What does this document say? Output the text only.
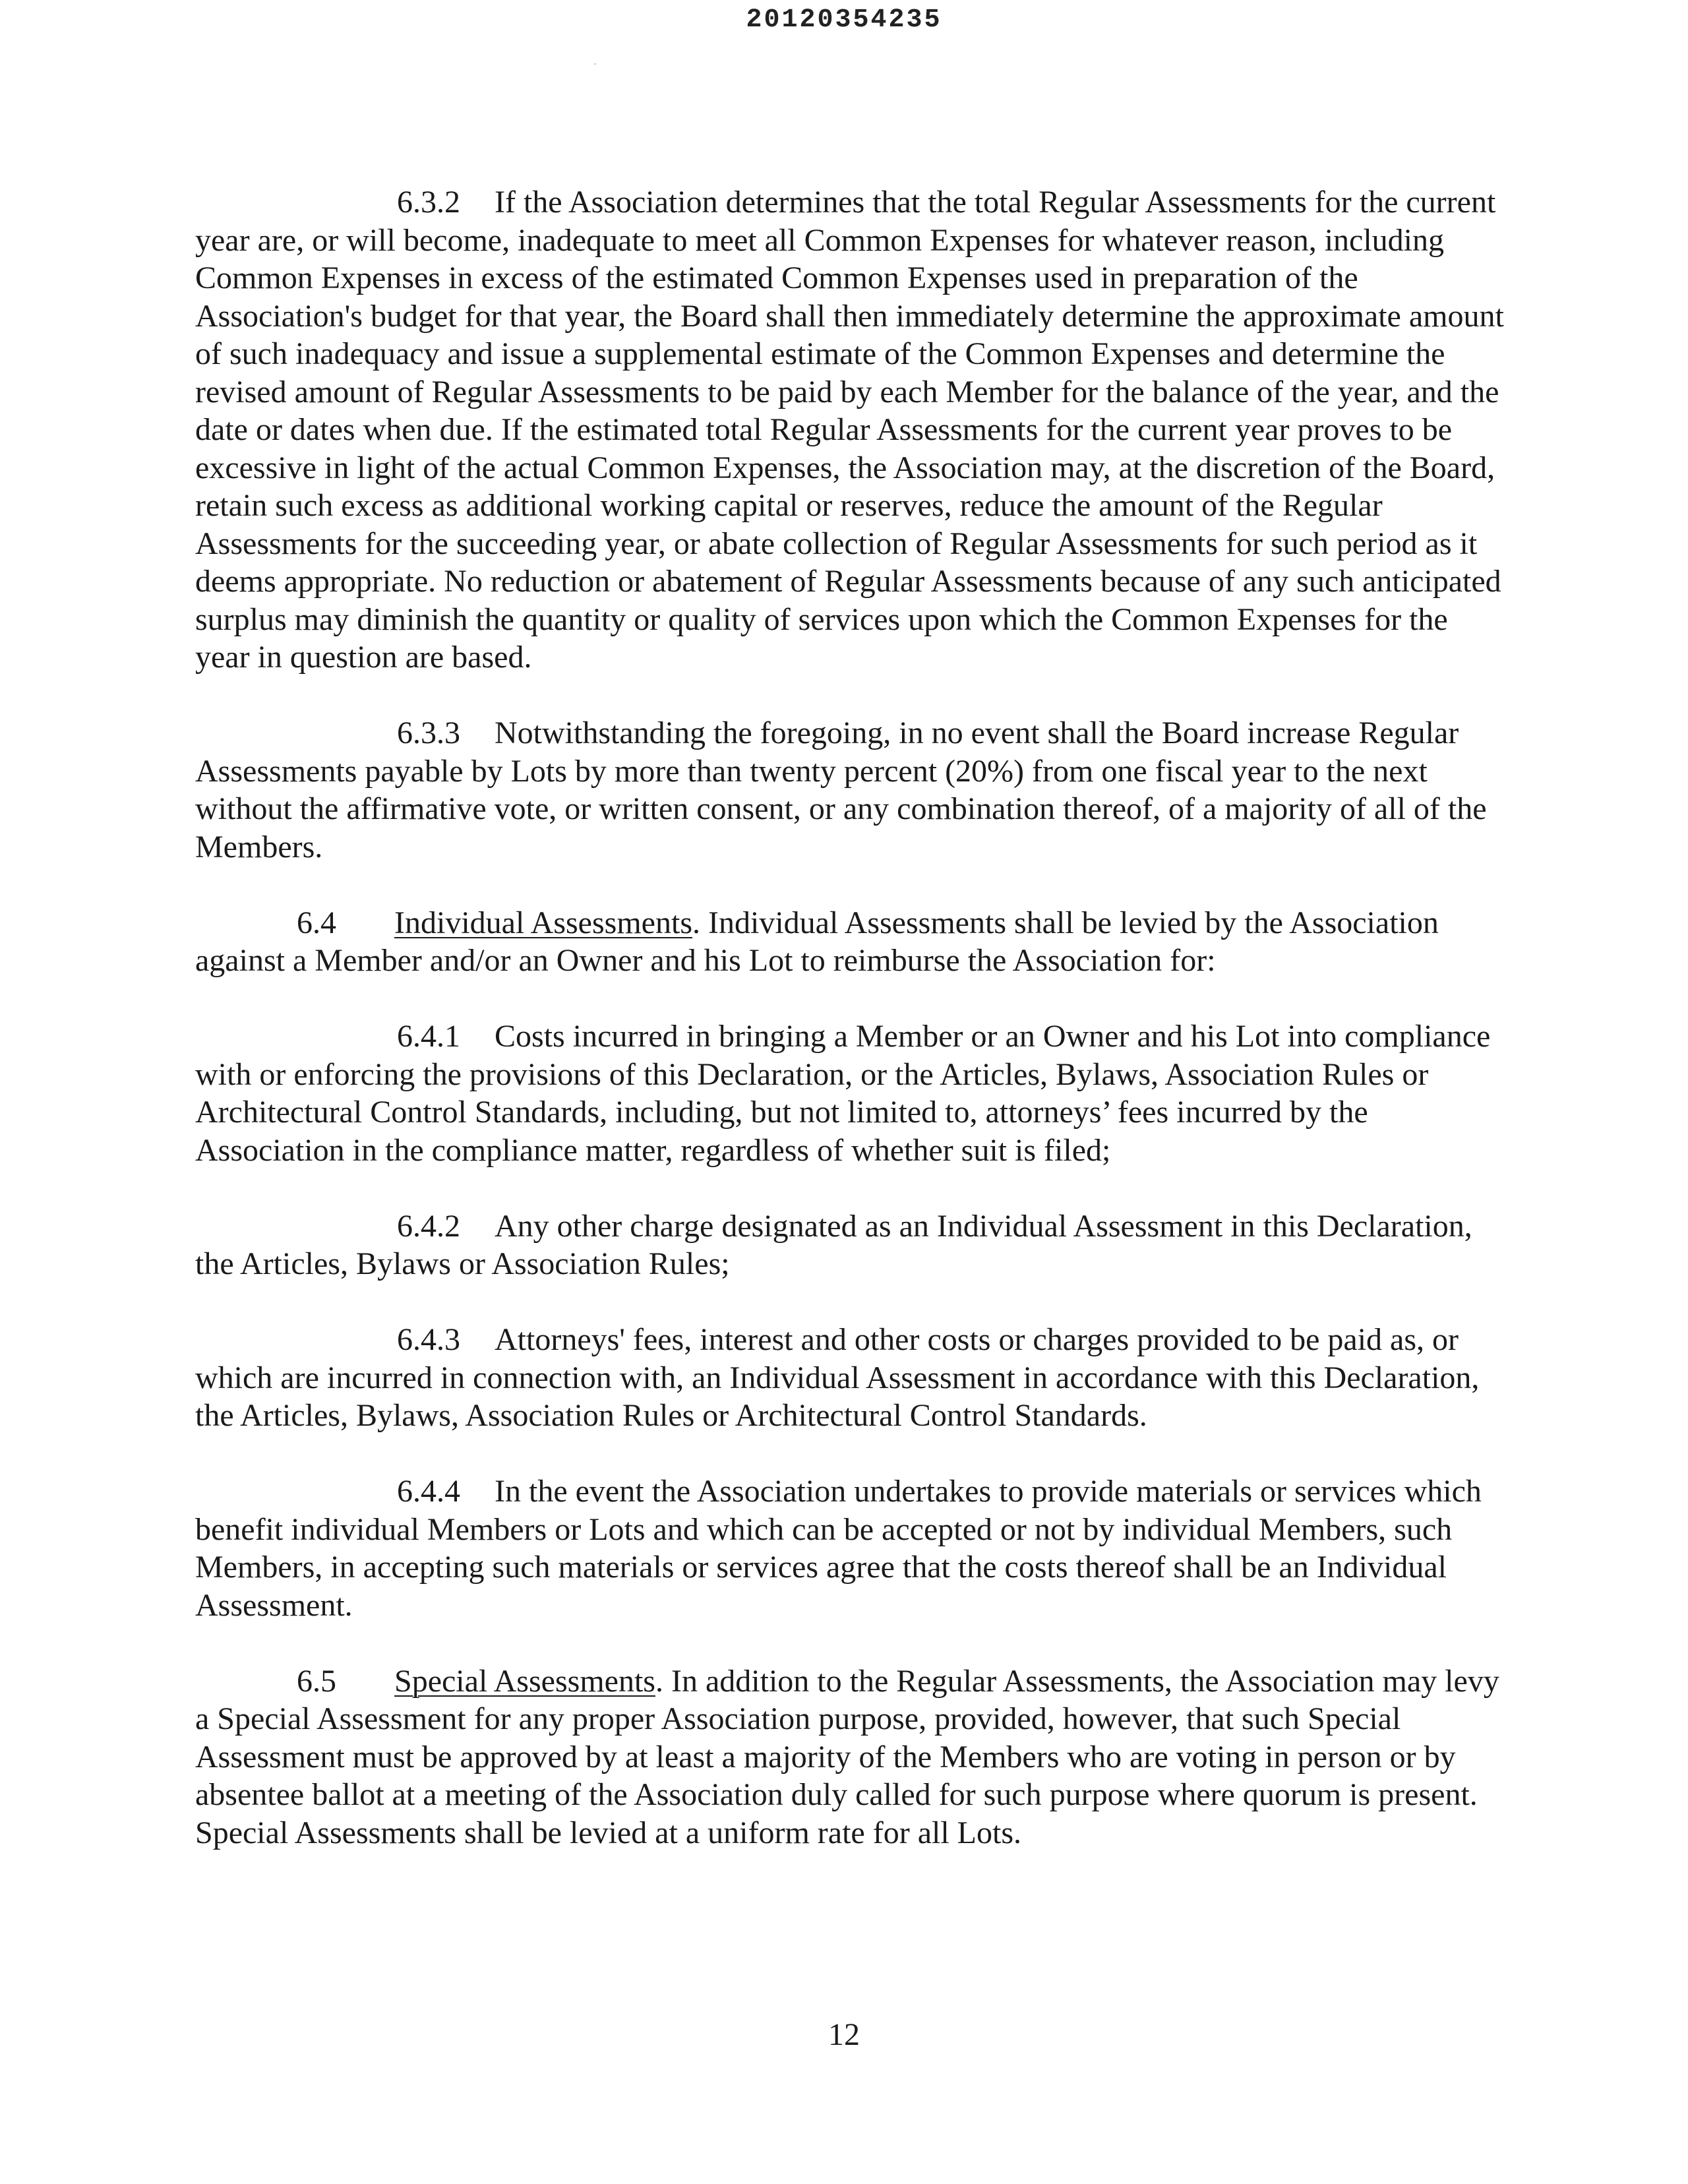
20120354235

6.3.2 If the Association determines that the total Regular Assessments for the current year are, or will become, inadequate to meet all Common Expenses for whatever reason, including Common Expenses in excess of the estimated Common Expenses used in preparation of the Association's budget for that year, the Board shall then immediately determine the approximate amount of such inadequacy and issue a supplemental estimate of the Common Expenses and determine the revised amount of Regular Assessments to be paid by each Member for the balance of the year, and the date or dates when due. If the estimated total Regular Assessments for the current year proves to be excessive in light of the actual Common Expenses, the Association may, at the discretion of the Board, retain such excess as additional working capital or reserves, reduce the amount of the Regular Assessments for the succeeding year, or abate collection of Regular Assessments for such period as it deems appropriate. No reduction or abatement of Regular Assessments because of any such anticipated surplus may diminish the quantity or quality of services upon which the Common Expenses for the year in question are based.

6.3.3 Notwithstanding the foregoing, in no event shall the Board increase Regular Assessments payable by Lots by more than twenty percent (20%) from one fiscal year to the next without the affirmative vote, or written consent, or any combination thereof, of a majority of all of the Members.

6.4 Individual Assessments. Individual Assessments shall be levied by the Association against a Member and/or an Owner and his Lot to reimburse the Association for:

6.4.1 Costs incurred in bringing a Member or an Owner and his Lot into compliance with or enforcing the provisions of this Declaration, or the Articles, Bylaws, Association Rules or Architectural Control Standards, including, but not limited to, attorneys’ fees incurred by the Association in the compliance matter, regardless of whether suit is filed;

6.4.2 Any other charge designated as an Individual Assessment in this Declaration, the Articles, Bylaws or Association Rules;

6.4.3 Attorneys' fees, interest and other costs or charges provided to be paid as, or which are incurred in connection with, an Individual Assessment in accordance with this Declaration, the Articles, Bylaws, Association Rules or Architectural Control Standards.

6.4.4 In the event the Association undertakes to provide materials or services which benefit individual Members or Lots and which can be accepted or not by individual Members, such Members, in accepting such materials or services agree that the costs thereof shall be an Individual Assessment.

6.5 Special Assessments. In addition to the Regular Assessments, the Association may levy a Special Assessment for any proper Association purpose, provided, however, that such Special Assessment must be approved by at least a majority of the Members who are voting in person or by absentee ballot at a meeting of the Association duly called for such purpose where quorum is present. Special Assessments shall be levied at a uniform rate for all Lots.

12
